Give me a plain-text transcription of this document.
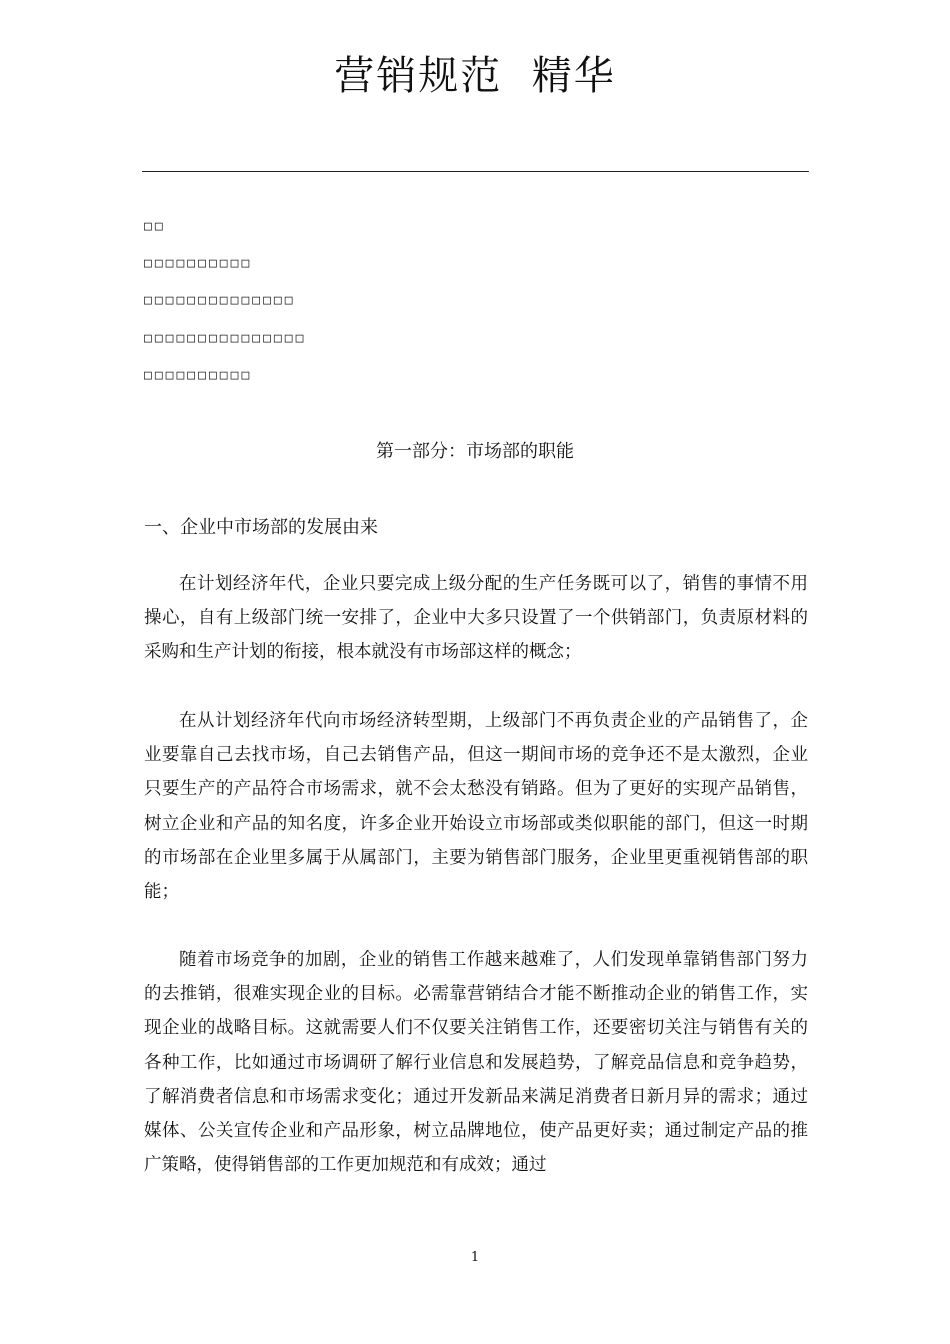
营销规范  精华
□□
□□□□□□□□□□
□□□□□□□□□□□□□□
□□□□□□□□□□□□□□□
□□□□□□□□□□
第一部分：市场部的职能
一、企业中市场部的发展由来

在计划经济年代，企业只要完成上级分配的生产任务既可以了，销售的事情不用操心，自有上级部门统一安排了，企业中大多只设置了一个供销部门，负责原材料的采购和生产计划的衔接，根本就没有市场部这样的概念；

在从计划经济年代向市场经济转型期，上级部门不再负责企业的产品销售了，企业要靠自己去找市场，自己去销售产品，但这一期间市场的竞争还不是太激烈，企业只要生产的产品符合市场需求，就不会太愁没有销路。但为了更好的实现产品销售，树立企业和产品的知名度，许多企业开始设立市场部或类似职能的部门，但这一时期的市场部在企业里多属于从属部门，主要为销售部门服务，企业里更重视销售部的职能；

随着市场竞争的加剧，企业的销售工作越来越难了，人们发现单靠销售部门努力的去推销，很难实现企业的目标。必需靠营销结合才能不断推动企业的销售工作，实现企业的战略目标。这就需要人们不仅要关注销售工作，还要密切关注与销售有关的各种工作，比如通过市场调研了解行业信息和发展趋势，了解竞品信息和竞争趋势，了解消费者信息和市场需求变化；通过开发新品来满足消费者日新月异的需求；通过媒体、公关宣传企业和产品形象，树立品牌地位，使产品更好卖；通过制定产品的推广策略，使得销售部的工作更加规范和有成效；通过

1
